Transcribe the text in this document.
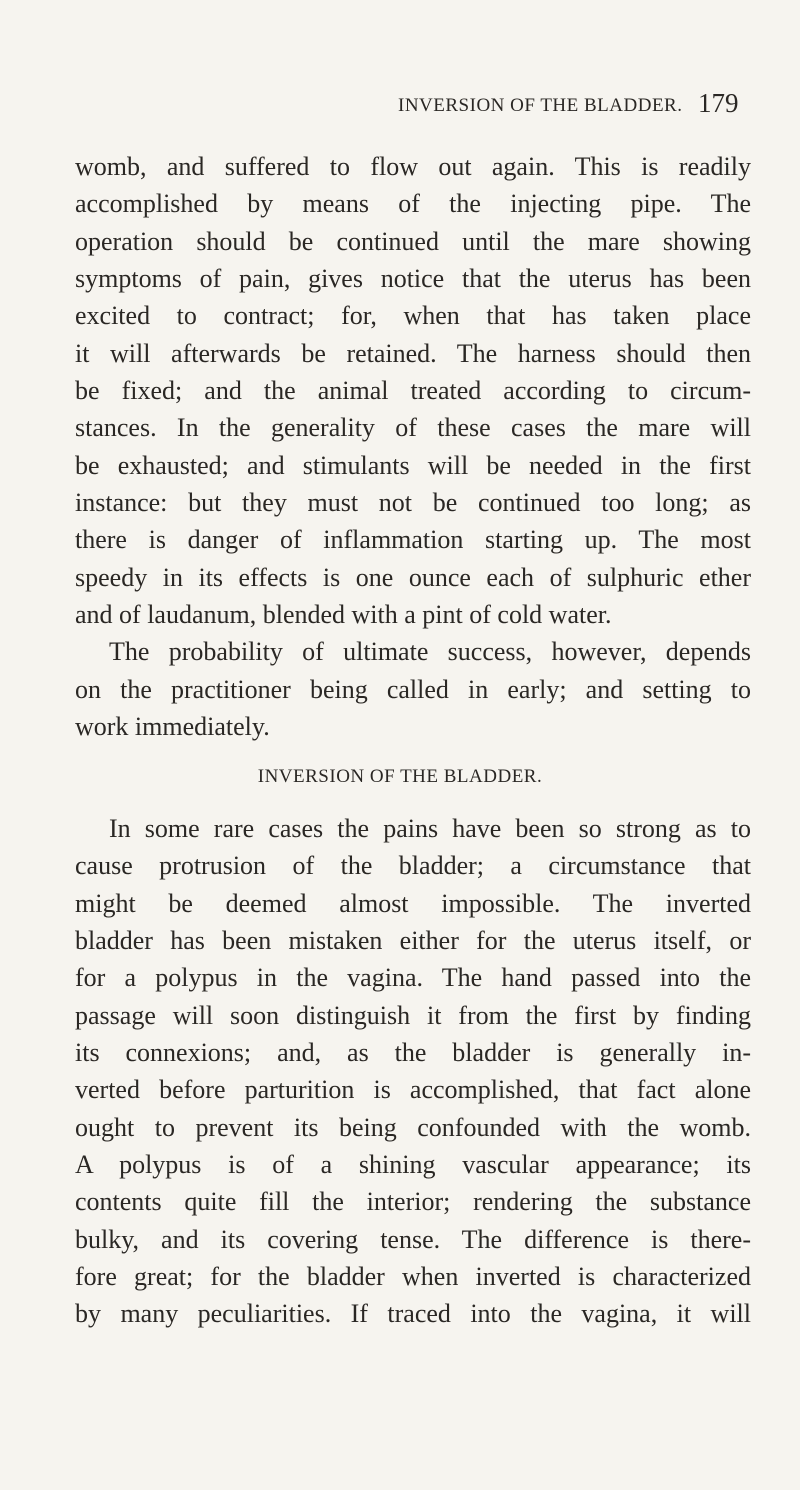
INVERSION OF THE BLADDER. 179
womb, and suffered to flow out again. This is readily
accomplished by means of the injecting pipe. The
operation should be continued until the mare showing
symptoms of pain, gives notice that the uterus has been
excited to contract; for, when that has taken place
it will afterwards be retained. The harness should then
be fixed; and the animal treated according to circum-
stances. In the generality of these cases the mare will
be exhausted; and stimulants will be needed in the first
instance: but they must not be continued too long; as
there is danger of inflammation starting up. The most
speedy in its effects is one ounce each of sulphuric ether
and of laudanum, blended with a pint of cold water.
The probability of ultimate success, however, depends
on the practitioner being called in early; and setting to
work immediately.
INVERSION OF THE BLADDER.
In some rare cases the pains have been so strong as to
cause protrusion of the bladder; a circumstance that
might be deemed almost impossible. The inverted
bladder has been mistaken either for the uterus itself, or
for a polypus in the vagina. The hand passed into the
passage will soon distinguish it from the first by finding
its connexions; and, as the bladder is generally in-
verted before parturition is accomplished, that fact alone
ought to prevent its being confounded with the womb.
A polypus is of a shining vascular appearance; its
contents quite fill the interior; rendering the substance
bulky, and its covering tense. The difference is there-
fore great; for the bladder when inverted is characterized
by many peculiarities. If traced into the vagina, it will
